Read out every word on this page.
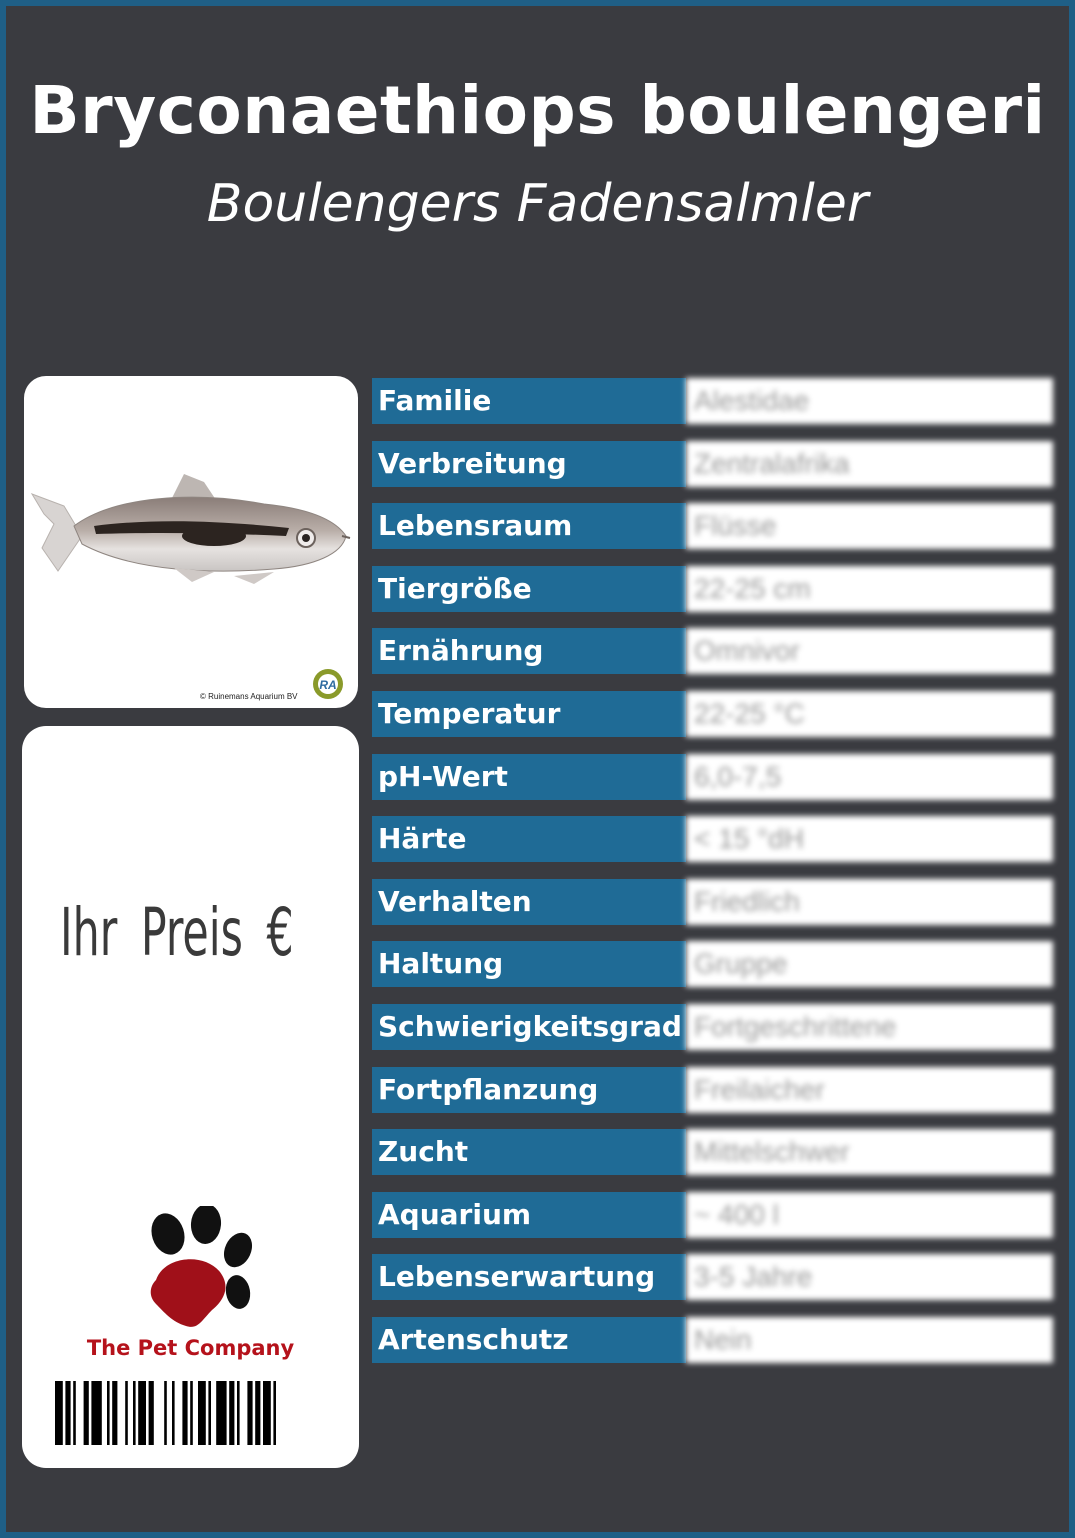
Bryconaethiops boulengeri
Boulengers Fadensalmler
© Ruinemans Aquarium BV
RA
Ihr Preis €
The Pet Company
Familie	Alestidae
Verbreitung	Zentralafrika
Lebensraum	Flüsse
Tiergröße	22-25 cm
Ernährung	Omnivor
Temperatur	22-25 °C
pH-Wert	6,0-7,5
Härte	< 15 °dH
Verhalten	Friedlich
Haltung	Gruppe
Schwierigkeitsgrad Fortgeschrittene
Fortpflanzung	Freilaicher
Zucht	Mittelschwer
Aquarium	~ 400 l
Lebenserwartung	3-5 Jahre
Artenschutz	Nein
